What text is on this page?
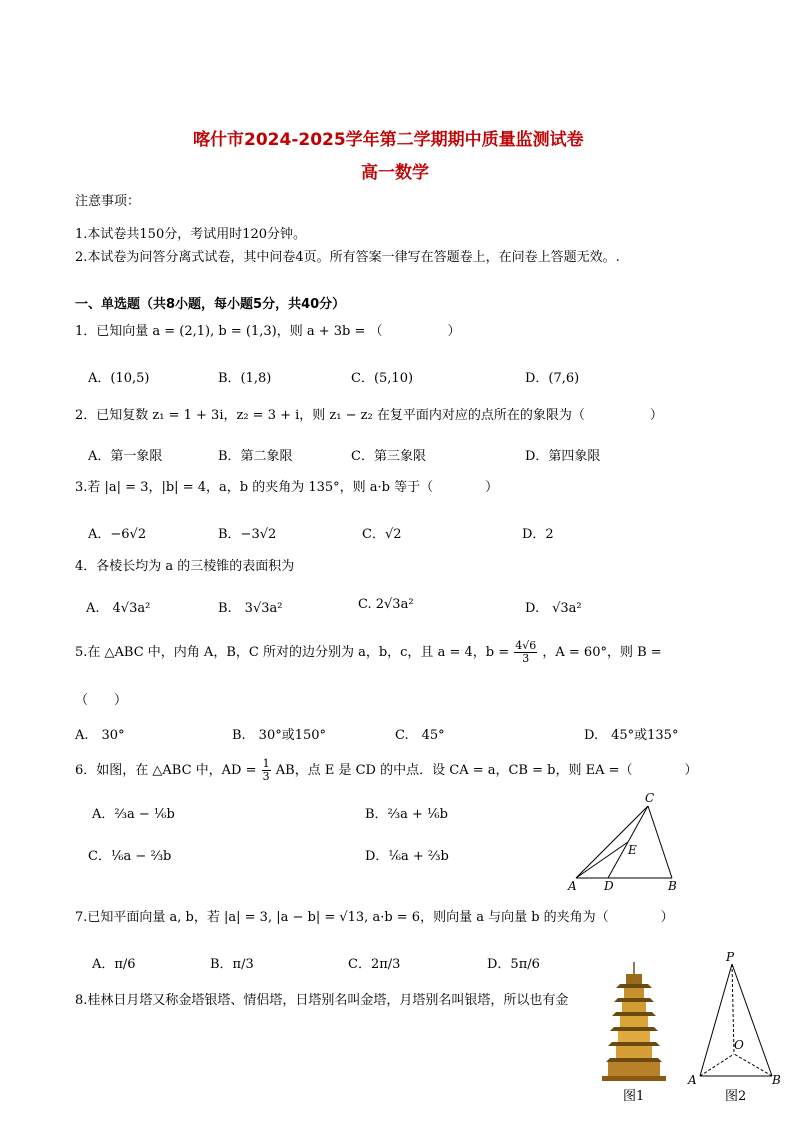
喀什市2024-2025学年第二学期期中质量监测试卷
高一数学
注意事项：
1.本试卷共150分，考试用时120分钟。
2.本试卷为问答分离式试卷，其中问卷4页。所有答案一律写在答题卷上，在问卷上答题无效。.
一、单选题（共8小题，每小题5分，共40分）
1．已知向量 a = (2,1), b = (1,3)，则 a + 3b = （　　　　　）
A．(10,5)	B．(1,8)	C．(5,10)	D．(7,6)
2．已知复数 z₁ = 1 + 3i，z₂ = 3 + i，则 z₁ − z₂ 在复平面内对应的点所在的象限为（　　　　　）
A．第一象限	B．第二象限	C．第三象限	D．第四象限
3.若 |a| = 3，|b| = 4，a，b 的夹角为 135°，则 a·b 等于（　　　　）
A．−6√2	B．−3√2	C．√2	D．2
4．各棱长均为 a 的三棱锥的表面积为
A.　4√3a²	B.　3√3a²	C. 2√3a²	D.　√3a²
5.在 △ABC 中，内角 A，B，C 所对的边分别为 a，b，c，且 a = 4，$b = \frac{4√6}{3}$ ，A = 60°，则 B =
（　　）
A.　30°	B.　30°或150°	C.　45°	D.　45°或135°
6．如图，在 △ABC 中，AD = $\frac{1}{3}$ AB，点 E 是 CD 的中点．设 CA = a，CB = b，则 EA =（　　　　）
A．⅔a − ⅙b	B．⅔a + ⅙b
C．⅙a − ⅔b	D．⅙a + ⅔b
A D	B
C
E
7.已知平面向量 a, b，若 |a| = 3, |a − b| = √13, a·b = 6，则向量 a 与向量 b 的夹角为（　　　　）
A．π/6	B．π/3	C．2π/3	D．5π/6
8.桂林日月塔又称金塔银塔、情侣塔，日塔别名叫金塔，月塔别名叫银塔，所以也有金
图1
P
O
A	B
图2
